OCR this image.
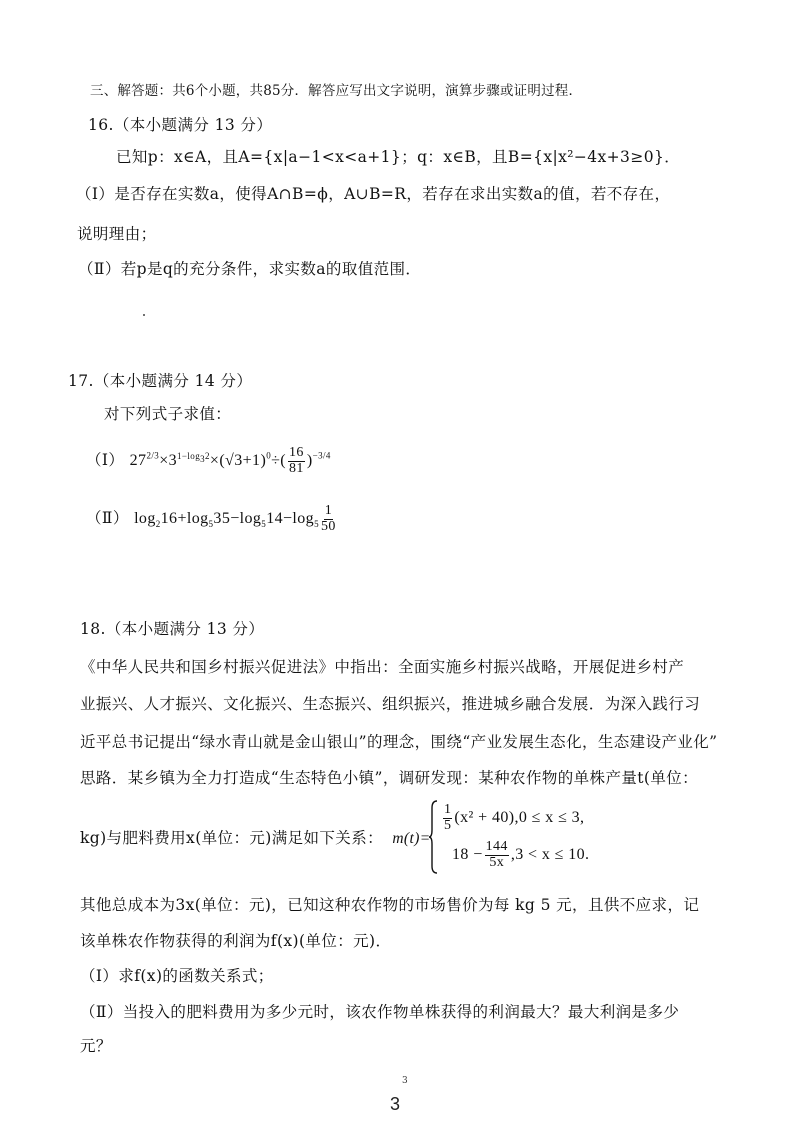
三、解答题：共6个小题，共85分．解答应写出文字说明，演算步骤或证明过程．
16.（本小题满分 13 分）
已知p：x∈A，且A={x|a−1<x<a+1}；q：x∈B，且B={x|x²−4x+3≥0}．
（Ⅰ）是否存在实数a，使得A∩B=ϕ，A∪B=R，若存在求出实数a的值，若不存在，
说明理由；
（Ⅱ）若p是q的充分条件，求实数a的取值范围．
17.（本小题满分 14 分）
对下列式子求值：
（Ⅰ） $27^{2/3}\times 3^{1-log_32}\times(√3+1)^0\div( \frac{16}{81} )^{-3/4}$
（Ⅱ） $\log_216+\log_535-\log_514-\log_5 \frac{1}{50}$
18.（本小题满分 13 分）
《中华人民共和国乡村振兴促进法》中指出：全面实施乡村振兴战略，开展促进乡村产
业振兴、人才振兴、文化振兴、生态振兴、组织振兴，推进城乡融合发展．为深入践行习
近平总书记提出“绿水青山就是金山银山”的理念，围绕“产业发展生态化，生态建设产业化”
思路．某乡镇为全力打造成“生态特色小镇”，调研发现：某种农作物的单株产量t(单位：
kg)与肥料费用x(单位：元)满足如下关系： m(t)=
$\frac{1}{5} (x^2 + 40),0 \le x \le 3$,
$18 - \frac{144}{5x} ,3 < x \le 10$.
其他总成本为3x(单位：元)，已知这种农作物的市场售价为每 kg 5 元，且供不应求，记
该单株农作物获得的利润为f(x)(单位：元)．
（Ⅰ）求f(x)的函数关系式；
（Ⅱ）当投入的肥料费用为多少元时，该农作物单株获得的利润最大？最大利润是多少
元？
3
3
